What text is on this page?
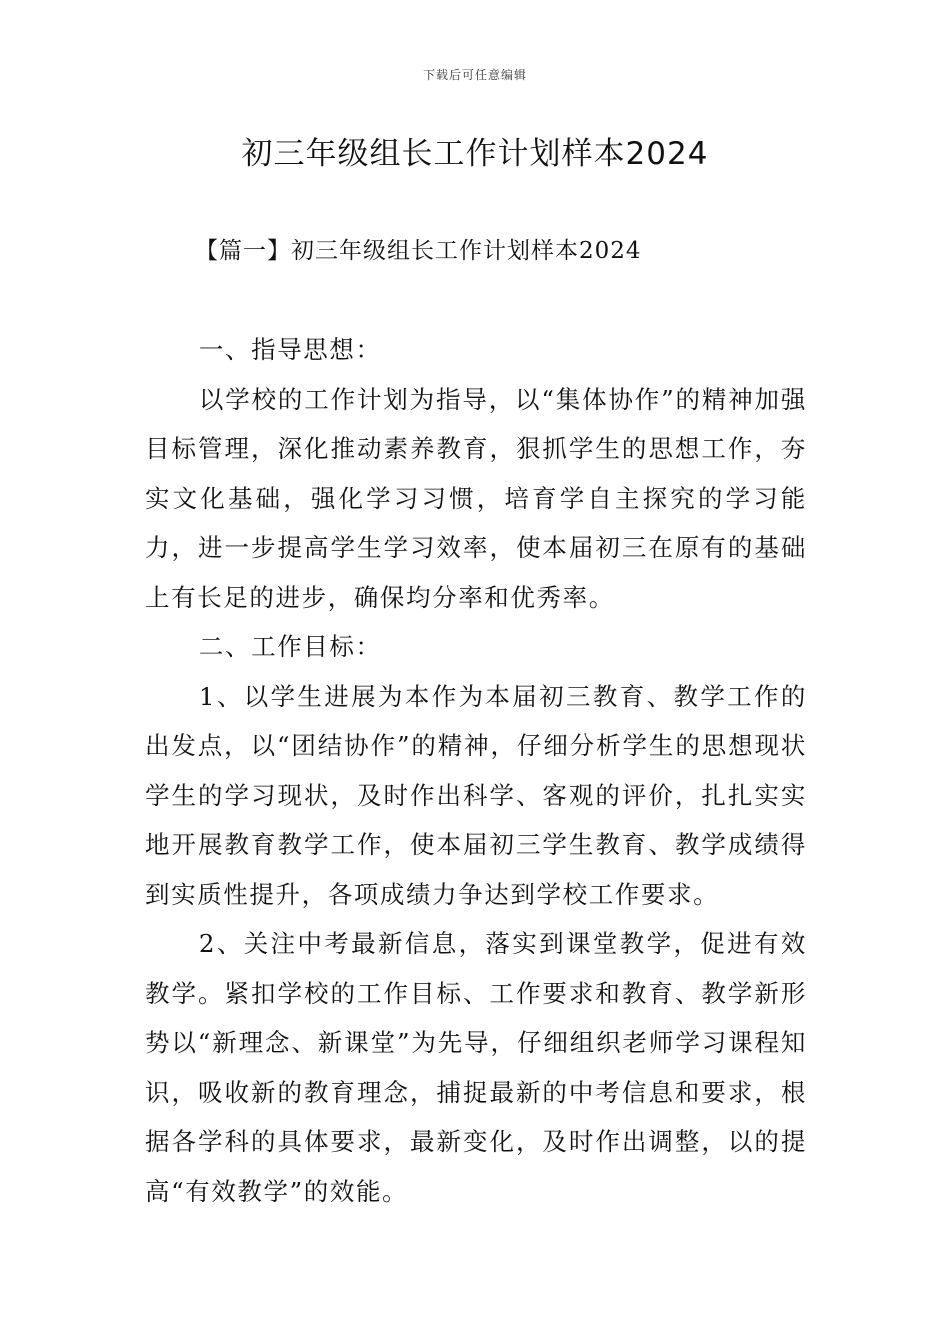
下载后可任意编辑
初三年级组长工作计划样本2024
【篇一】初三年级组长工作计划样本2024

一、指导思想：

以学校的工作计划为指导，以“集体协作”的精神加强目标管理，深化推动素养教育，狠抓学生的思想工作，夯实文化基础，强化学习习惯，培育学自主探究的学习能力，进一步提高学生学习效率，使本届初三在原有的基础上有长足的进步，确保均分率和优秀率。

二、工作目标：

1、以学生进展为本作为本届初三教育、教学工作的出发点，以“团结协作”的精神，仔细分析学生的思想现状学生的学习现状，及时作出科学、客观的评价，扎扎实实地开展教育教学工作，使本届初三学生教育、教学成绩得到实质性提升，各项成绩力争达到学校工作要求。

2、关注中考最新信息，落实到课堂教学，促进有效教学。紧扣学校的工作目标、工作要求和教育、教学新形势以“新理念、新课堂”为先导，仔细组织老师学习课程知识，吸收新的教育理念，捕捉最新的中考信息和要求，根据各学科的具体要求，最新变化，及时作出调整，以的提高“有效教学”的效能。
